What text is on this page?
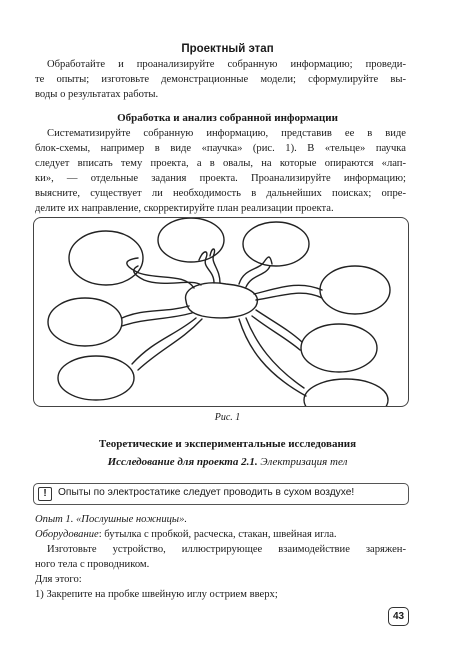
Проектный этап
Обработайте и проанализируйте собранную информацию; проведи-
те опыты; изготовьте демонстрационные модели; сформулируйте вы-
воды о результатах работы.
Обработка и анализ собранной информации
Систематизируйте собранную информацию, представив ее в виде
блок-схемы, например в виде «паучка» (рис. 1). В «тельце» паучка
следует вписать тему проекта, а в овалы, на которые опираются «лап-
ки», — отдельные задания проекта. Проанализируйте информацию;
выясните, существует ли необходимость в дальнейших поисках; опре-
делите их направление, скорректируйте план реализации проекта.
Рис. 1
Теоретические и экспериментальные исследования
Исследование для проекта 2.1. Электризация тел
!	Опыты по электростатике следует проводить в сухом воздухе!
Опыт 1. «Послушные ножницы».
Оборудование: бутылка с пробкой, расческа, стакан, швейная игла.
Изготовьте устройство, иллюстрирующее взаимодействие заряжен-
ного тела с проводником.
Для этого:
1) Закрепите на пробке швейную иглу острием вверх;
43
